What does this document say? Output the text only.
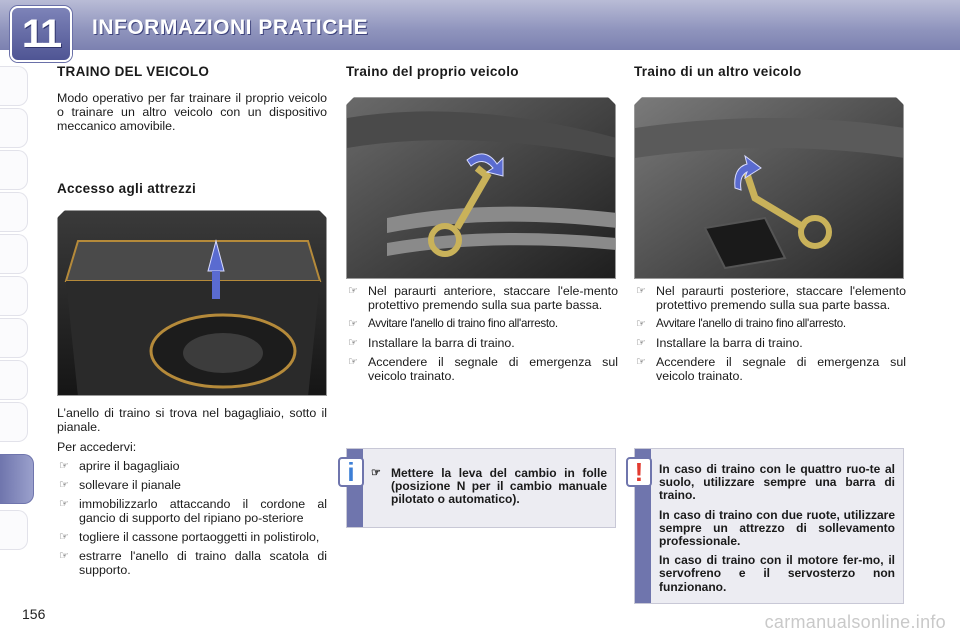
11	INFORMAZIONI PRATICHE
TRAINO DEL VEICOLO

Modo operativo per far trainare il proprio veicolo o trainare un altro veicolo con un dispositivo meccanico amovibile.

Accesso agli attrezzi

L’anello di traino si trova nel bagagliaio, sotto il pianale.

Per accedervi:

☞ aprire il bagagliaio
☞ sollevare il pianale
☞ immobilizzarlo attaccando il cordone al gancio di supporto del ripiano po-steriore
☞ togliere il cassone portaoggetti in polistirolo,
☞ estrarre l'anello di traino dalla scatola di supporto.
Traino del proprio veicolo
☞ Nel paraurti anteriore, staccare l'ele-mento protettivo premendo sulla sua parte bassa.
☞ Avvitare l'anello di traino fino all'arresto.
☞ Installare la barra di traino.
☞ Accendere il segnale di emergenza sul veicolo trainato.
Traino di un altro veicolo
☞ Nel paraurti posteriore, staccare l'elemento protettivo premendo sulla sua parte bassa.
☞ Avvitare l'anello di traino fino all'arresto.
☞ Installare la barra di traino.
☞ Accendere il segnale di emergenza sul veicolo trainato.
i	☞ Mettere la leva del cambio in folle (posizione N per il cambio manuale pilotato o automatico).
!	In caso di traino con le quattro ruo-te al suolo, utilizzare sempre una barra di traino.

In caso di traino con due ruote, utilizzare sempre un attrezzo di sollevamento professionale.

In caso di traino con il motore fer-mo, il servofreno e il servosterzo non funzionano.

156	carmanualsonline.info
